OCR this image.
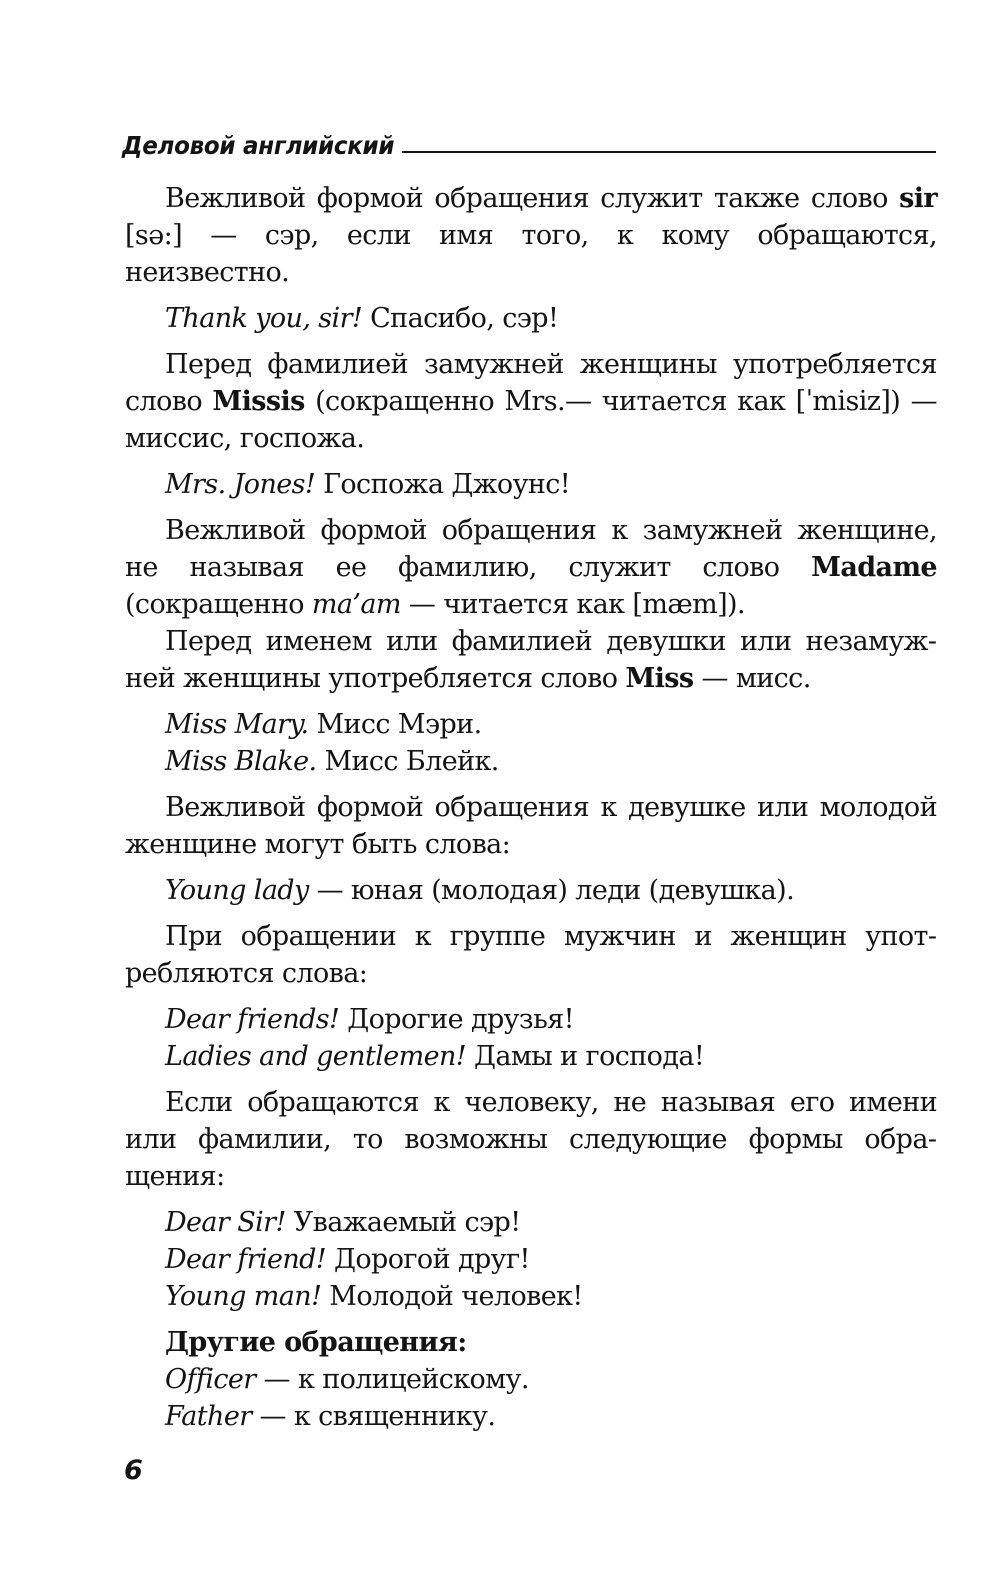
Деловой английский

Вежливой формой обращения служит также слово sir [sə:] — сэр, если имя того, к кому обращаются, неизвестно.

Thank you, sir! Спасибо, сэр!

Перед фамилией замужней женщины употребляется слово Missis (сокращенно Mrs.— читается как [ˈmisiz]) — миссис, госпожа.

Mrs. Jones! Госпожа Джоунс!

Вежливой формой обращения к замужней женщине, не называя ее фамилию, служит слово Madame (сокращенно ma’am — читается как [mæm]).

Перед именем или фамилией девушки или незамужней женщины употребляется слово Miss — мисс.

Miss Mary. Мисс Мэри.

Miss Blake. Мисс Блейк.

Вежливой формой обращения к девушке или молодой женщине могут быть слова:

Young lady — юная (молодая) леди (девушка).

При обращении к группе мужчин и женщин употребляются слова:

Dear friends! Дорогие друзья!

Ladies and gentlemen! Дамы и господа!

Если обращаются к человеку, не называя его имени или фамилии, то возможны следующие формы обращения:

Dear Sir! Уважаемый сэр!

Dear friend! Дорогой друг!

Young man! Молодой человек!

Другие обращения:

Officer — к полицейскому.

Father — к священнику.

6
